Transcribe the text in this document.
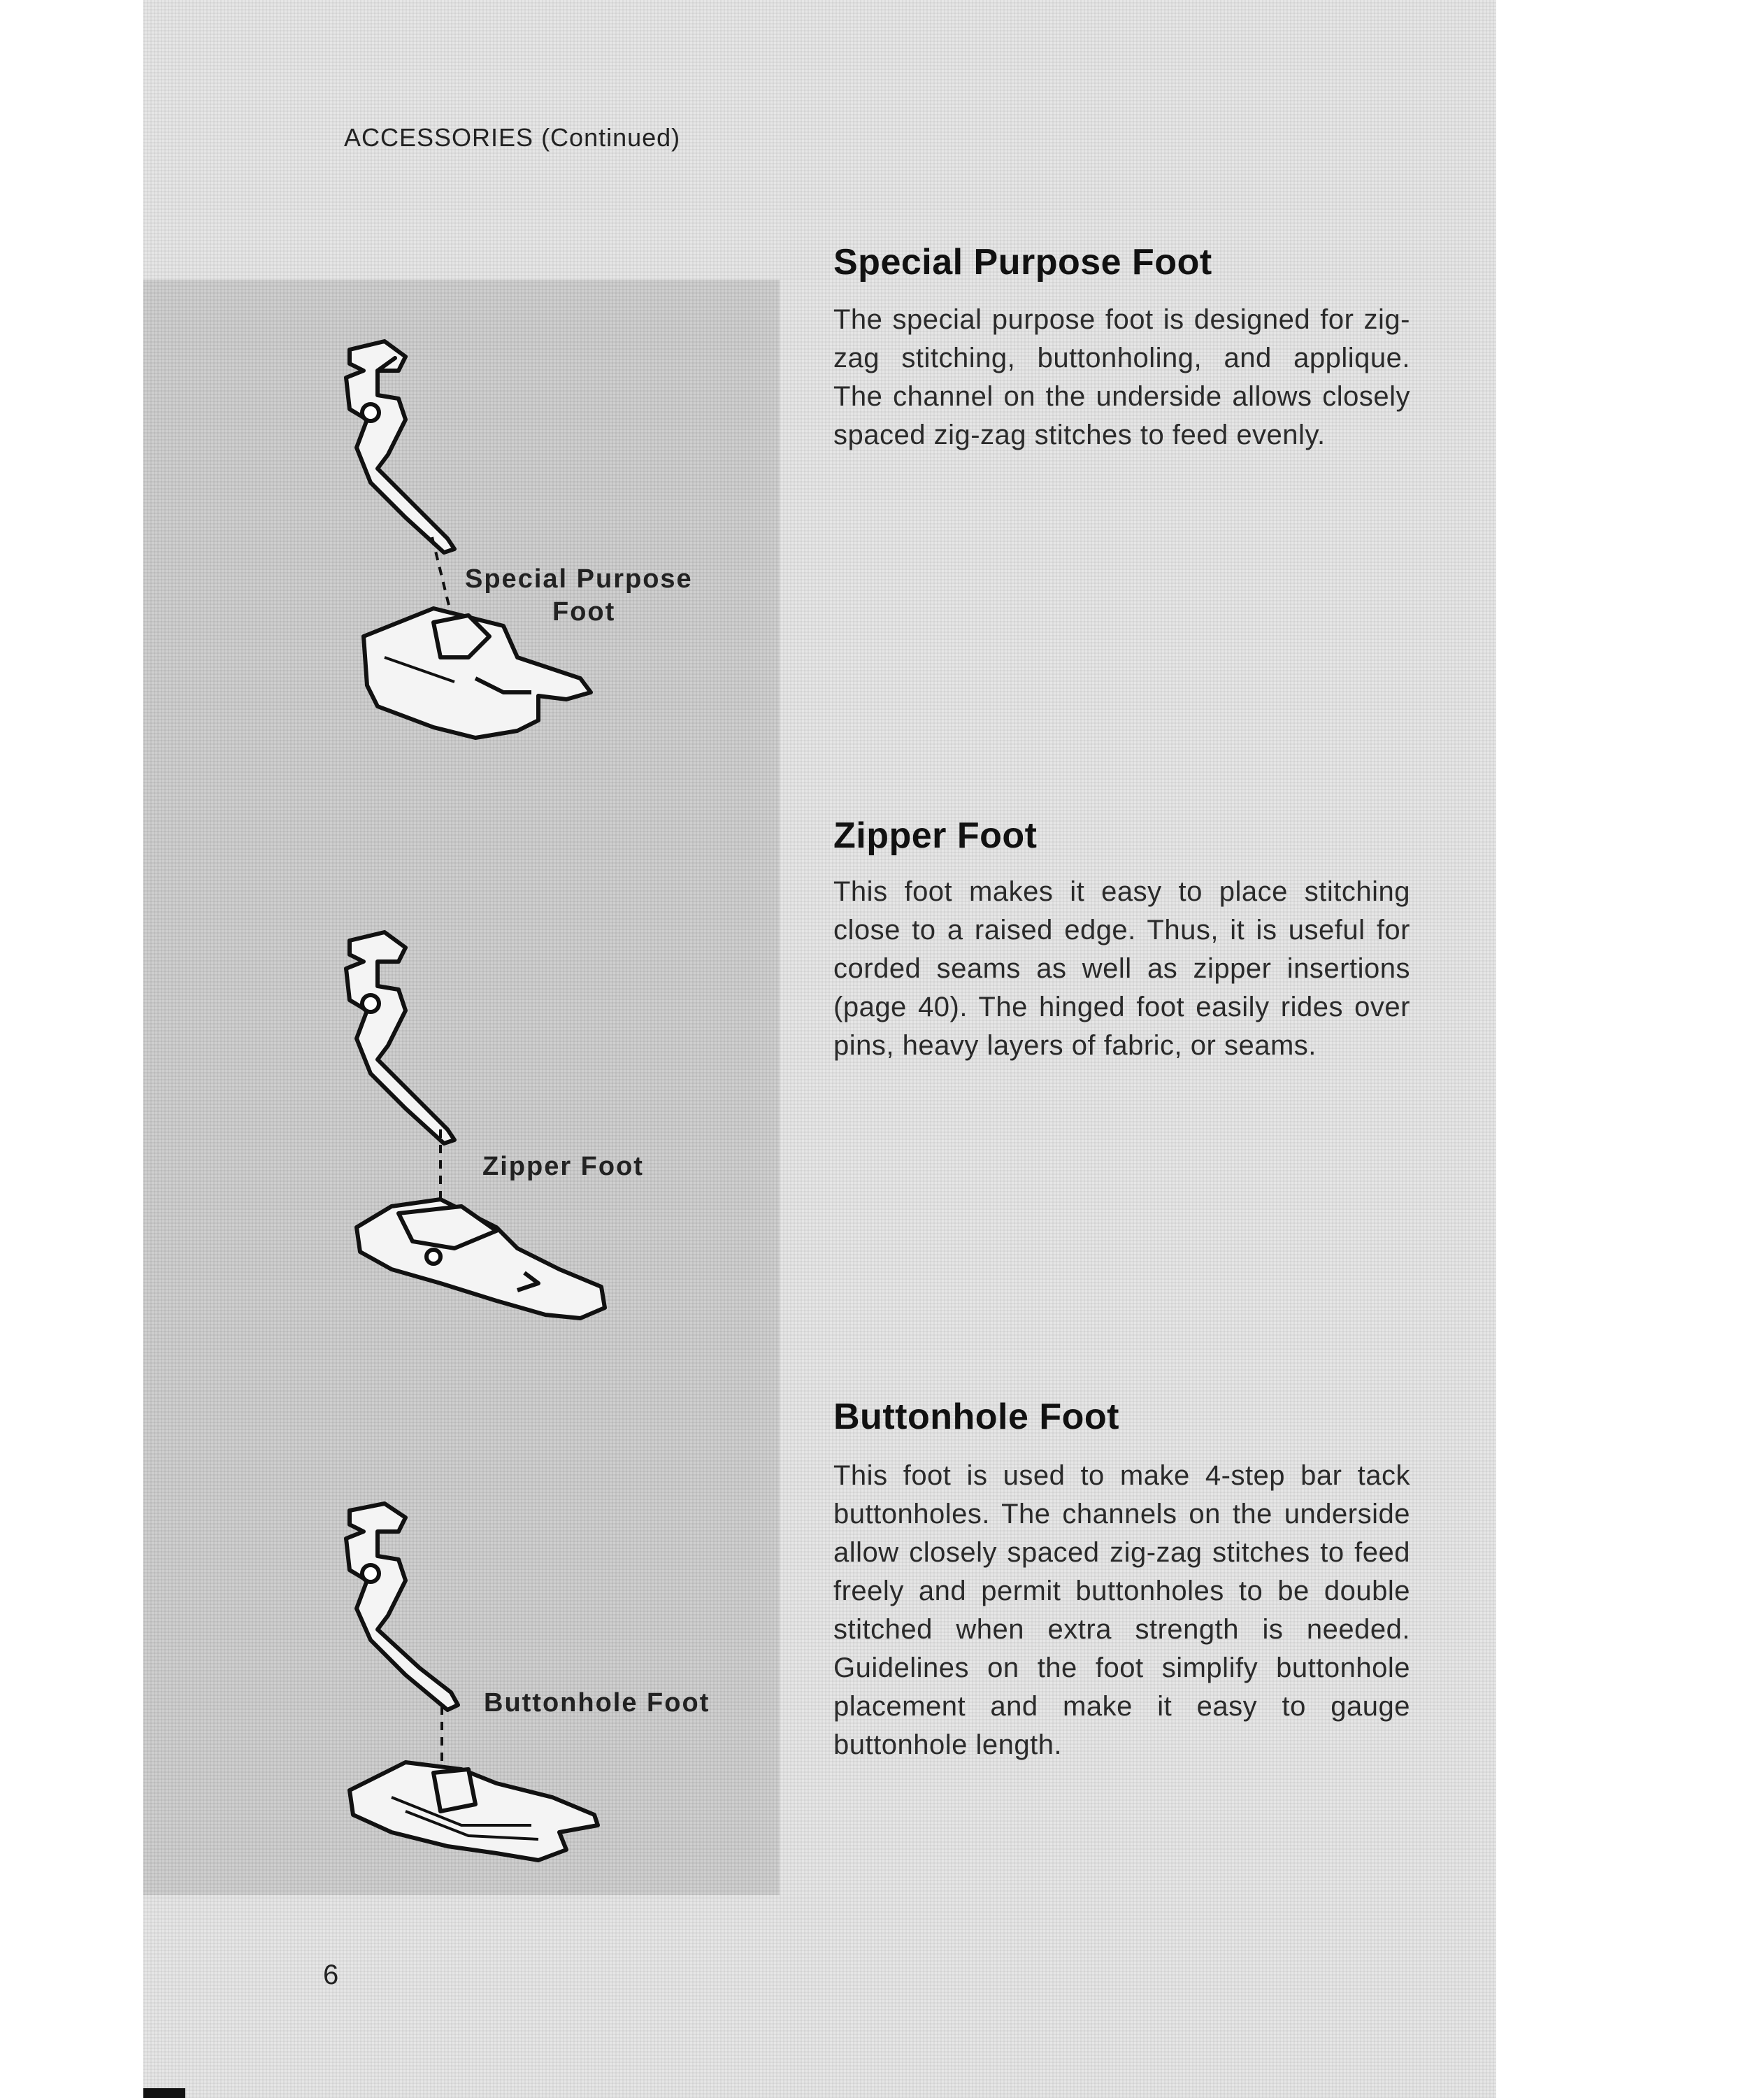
ACCESSORIES (Continued)
Special Purpose Foot
The special purpose foot is designed for zig-zag stitching, buttonholing, and applique. The channel on the underside allows closely spaced zig-zag stitches to feed evenly.
Special Purpose
Foot
Zipper Foot
This foot makes it easy to place stitching close to a raised edge. Thus, it is useful for corded seams as well as zipper insertions (page 40). The hinged foot easily rides over pins, heavy layers of fabric, or seams.
Zipper Foot
Buttonhole Foot
This foot is used to make 4-step bar tack buttonholes. The channels on the underside allow closely spaced zig-zag stitches to feed freely and permit buttonholes to be double stitched when extra strength is needed. Guidelines on the foot simplify buttonhole placement and make it easy to gauge buttonhole length.
Buttonhole Foot
6
